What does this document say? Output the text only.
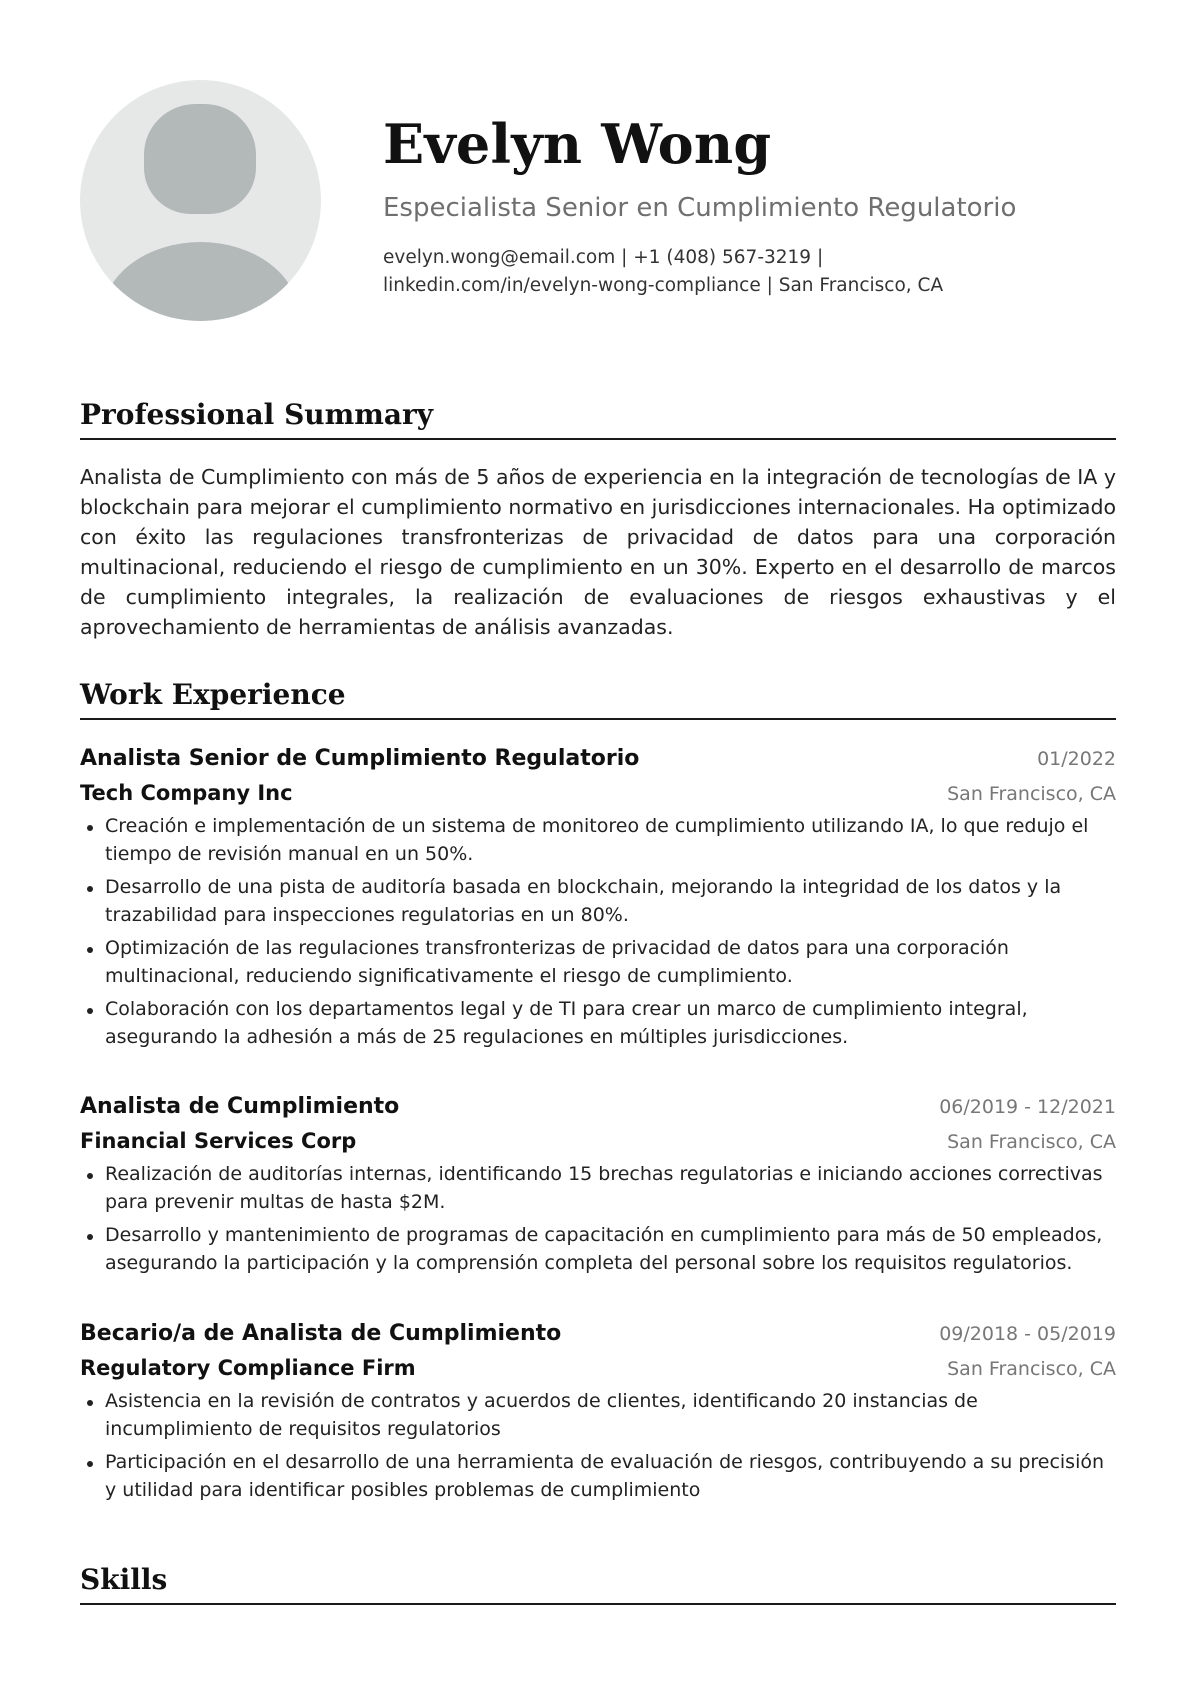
Evelyn Wong
Especialista Senior en Cumplimiento Regulatorio
evelyn.wong@email.com | +1 (408) 567-3219 |
linkedin.com/in/evelyn-wong-compliance | San Francisco, CA
Professional Summary

Analista de Cumplimiento con más de 5 años de experiencia en la integración de tecnologías de IA y blockchain para mejorar el cumplimiento normativo en jurisdicciones internacionales. Ha optimizado con éxito las regulaciones transfronterizas de privacidad de datos para una corporación multinacional, reduciendo el riesgo de cumplimiento en un 30%. Experto en el desarrollo de marcos de cumplimiento integrales, la realización de evaluaciones de riesgos exhaustivas y el aprovechamiento de herramientas de análisis avanzadas.

Work Experience
Analista Senior de Cumplimiento Regulatorio	01/2022
Tech Company Inc	San Francisco, CA
Creación e implementación de un sistema de monitoreo de cumplimiento utilizando IA, lo que redujo el tiempo de revisión manual en un 50%.
Desarrollo de una pista de auditoría basada en blockchain, mejorando la integridad de los datos y la trazabilidad para inspecciones regulatorias en un 80%.
Optimización de las regulaciones transfronterizas de privacidad de datos para una corporación multinacional, reduciendo significativamente el riesgo de cumplimiento.
Colaboración con los departamentos legal y de TI para crear un marco de cumplimiento integral, asegurando la adhesión a más de 25 regulaciones en múltiples jurisdicciones.
Analista de Cumplimiento	06/2019 - 12/2021
Financial Services Corp	San Francisco, CA
Realización de auditorías internas, identificando 15 brechas regulatorias e iniciando acciones correctivas para prevenir multas de hasta $2M.
Desarrollo y mantenimiento de programas de capacitación en cumplimiento para más de 50 empleados, asegurando la participación y la comprensión completa del personal sobre los requisitos regulatorios.
Becario/a de Analista de Cumplimiento	09/2018 - 05/2019
Regulatory Compliance Firm	San Francisco, CA
Asistencia en la revisión de contratos y acuerdos de clientes, identificando 20 instancias de incumplimiento de requisitos regulatorios
Participación en el desarrollo de una herramienta de evaluación de riesgos, contribuyendo a su precisión y utilidad para identificar posibles problemas de cumplimiento
Skills
